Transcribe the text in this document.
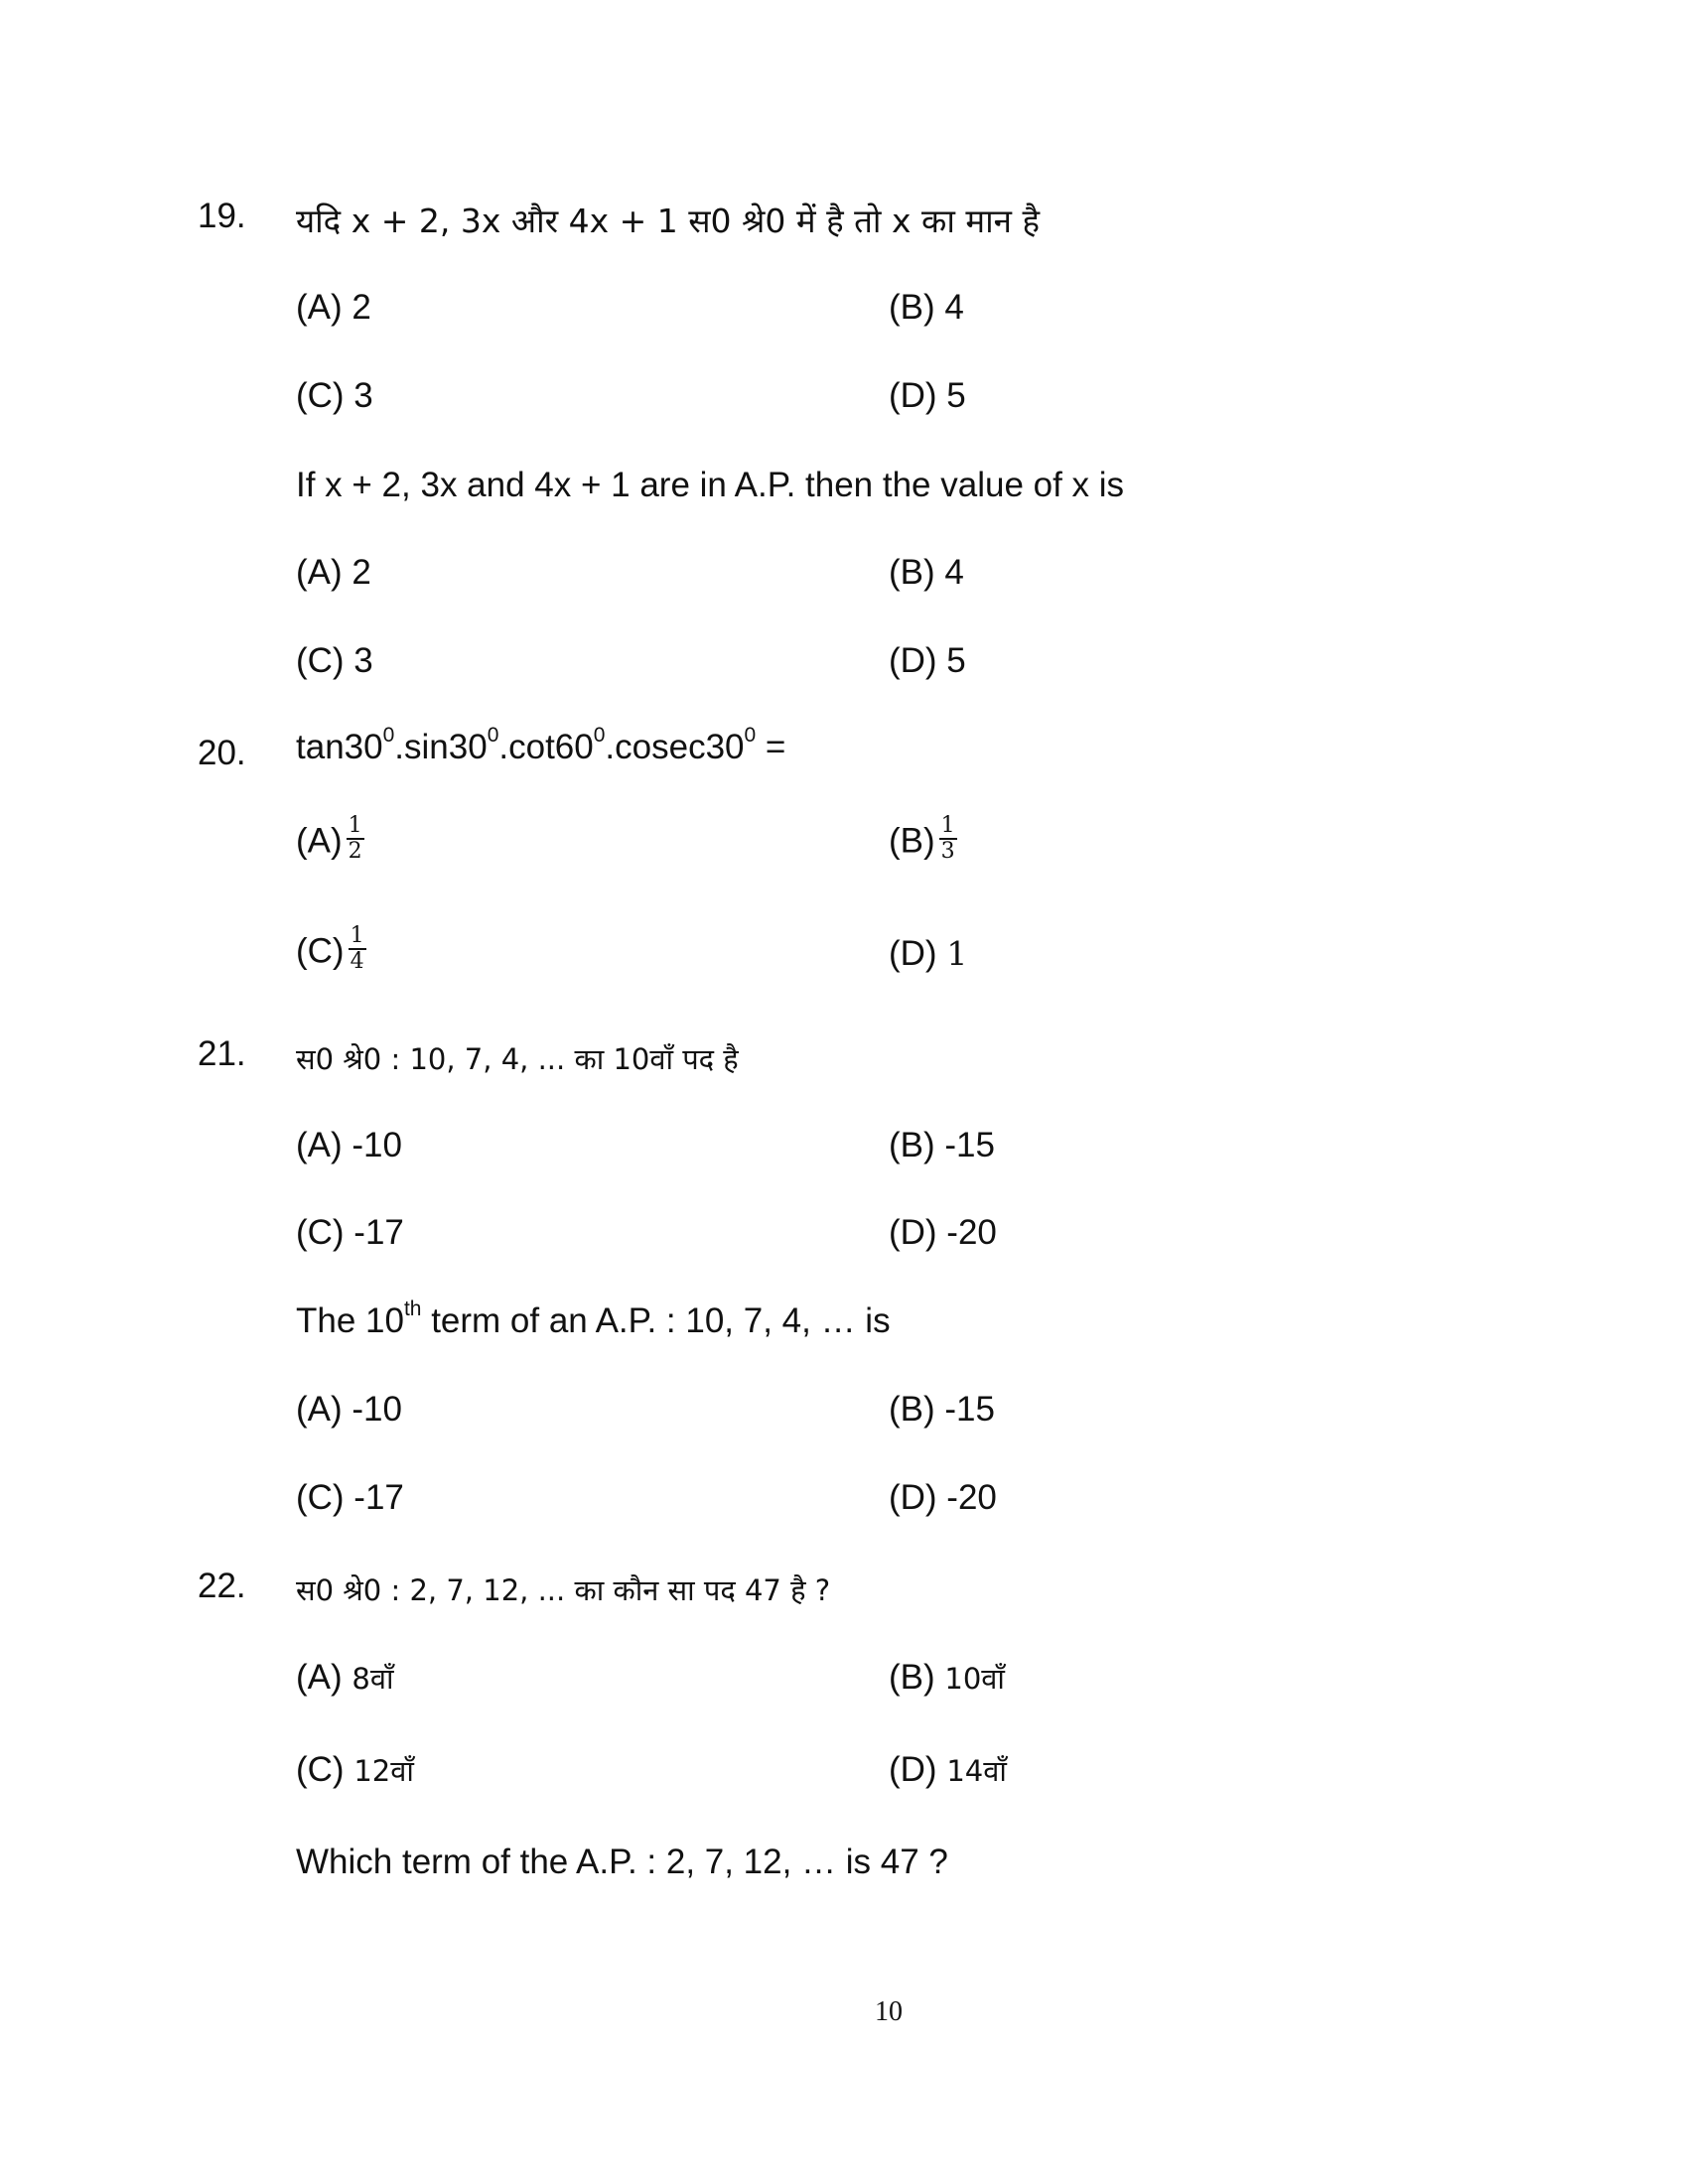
19. यदि x + 2, 3x और 4x + 1 स0 श्रे0 में है तो x का मान है
(A) 2	(B) 4
(C) 3	(D) 5
If x + 2, 3x and 4x + 1 are in A.P. then the value of x is
(A) 2	(B) 4
(C) 3	(D) 5
20. $\tan 30^0.\sin 30^0.\cot 60^0.cosec30^0$ =
$(A) \frac{1}{2}$	$(B) \frac{1}{3}$
$(C) \frac{1}{4}$	(D) 1
21. स0 श्रे0 : 10, 7, 4, ... का 10वाँ पद है
(A) -10	(B) -15
(C) -17	(D) -20
The 10th term of an A.P. : 10, 7, 4, … is
(A) -10	(B) -15
(C) -17	(D) -20
22. स0 श्रे0 : 2, 7, 12, ... का कौन सा पद 47 है ?
(A) 8वाँ	(B) 10वाँ
(C) 12वाँ	(D) 14वाँ
Which term of the A.P. : 2, 7, 12, … is 47 ?
10
